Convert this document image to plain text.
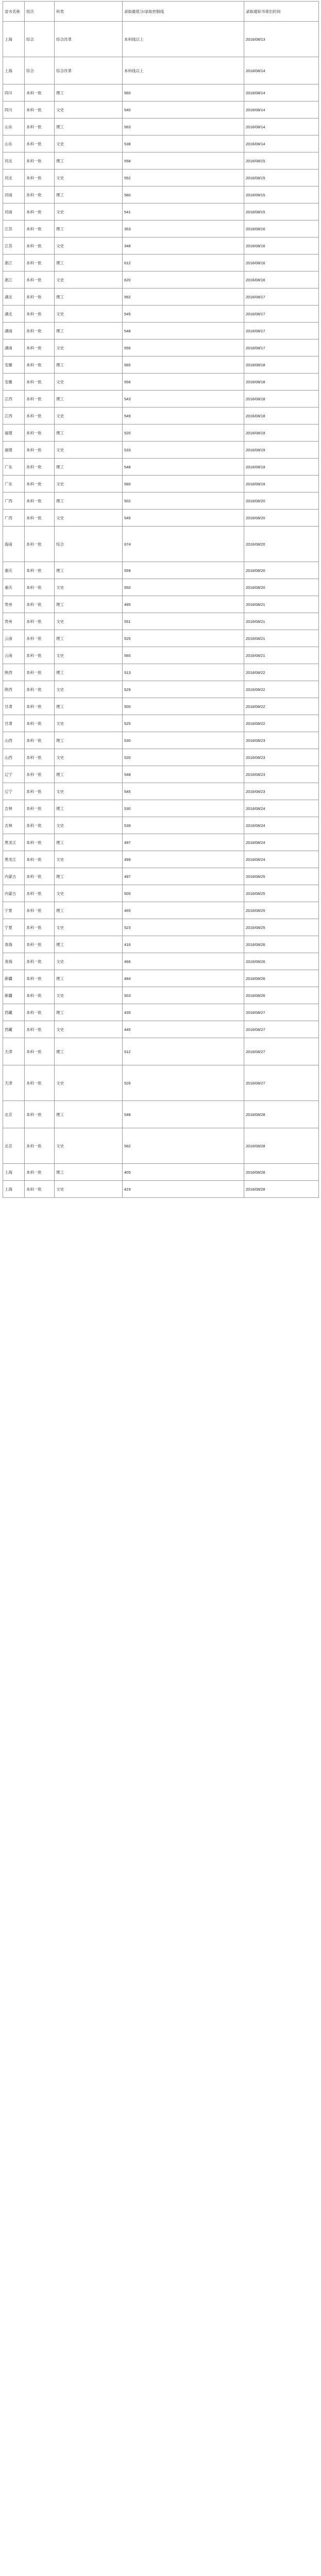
省市名称	批次	科类	录取最低分/录取控制线	录取通知书寄出时间
上海	综合	综合改革	本科线以上	2016/08/13
上海	综合	综合改革	本科线以上	2016/08/14
四川	本科一批	理工	560	2016/08/14
四川	本科一批	文史	540	2016/08/14
山东	本科一批	理工	563	2016/08/14
山东	本科一批	文史	538	2016/08/14
河北	本科一批	理工	558	2016/08/15
河北	本科一批	文史	552	2016/08/15
河南	本科一批	理工	560	2016/08/15
河南	本科一批	文史	541	2016/08/15
江苏	本科一批	理工	353	2016/08/16
江苏	本科一批	文史	348	2016/08/16
浙江	本科一批	理工	612	2016/08/16
浙江	本科一批	文史	620	2016/08/16
湖北	本科一批	理工	562	2016/08/17
湖北	本科一批	文史	545	2016/08/17
湖南	本科一批	理工	548	2016/08/17
湖南	本科一批	文史	556	2016/08/17
安徽	本科一批	理工	565	2016/08/18
安徽	本科一批	文史	556	2016/08/18
江西	本科一批	理工	543	2016/08/18
江西	本科一批	文史	549	2016/08/18
福建	本科一批	理工	520	2016/08/19
福建	本科一批	文史	533	2016/08/19
广东	本科一批	理工	548	2016/08/19
广东	本科一批	文史	560	2016/08/19
广西	本科一批	理工	502	2016/08/20
广西	本科一批	文史	545	2016/08/20
海南	本科一批	综合	674	2016/08/20
重庆	本科一批	理工	559	2016/08/20
重庆	本科一批	文史	550	2016/08/20
贵州	本科一批	理工	495	2016/08/21
贵州	本科一批	文史	551	2016/08/21
云南	本科一批	理工	525	2016/08/21
云南	本科一批	文史	560	2016/08/21
陕西	本科一批	理工	513	2016/08/22
陕西	本科一批	文史	529	2016/08/22
甘肃	本科一批	理工	500	2016/08/22
甘肃	本科一批	文史	525	2016/08/22
山西	本科一批	理工	530	2016/08/23
山西	本科一批	文史	520	2016/08/23
辽宁	本科一批	理工	548	2016/08/23
辽宁	本科一批	文史	545	2016/08/23
吉林	本科一批	理工	530	2016/08/24
吉林	本科一批	文史	539	2016/08/24
黑龙江	本科一批	理工	497	2016/08/24
黑龙江	本科一批	文史	499	2016/08/24
内蒙古	本科一批	理工	497	2016/08/25
内蒙古	本科一批	文史	505	2016/08/25
宁夏	本科一批	理工	465	2016/08/25
宁夏	本科一批	文史	523	2016/08/25
青海	本科一批	理工	416	2016/08/26
青海	本科一批	文史	466	2016/08/26
新疆	本科一批	理工	484	2016/08/26
新疆	本科一批	文史	503	2016/08/26
西藏	本科一批	理工	435	2016/08/27
西藏	本科一批	文史	445	2016/08/27
天津	本科一批	理工	512	2016/08/27
天津	本科一批	文史	526	2016/08/27
北京	本科一批	理工	548	2016/08/28
北京	本科一批	文史	562	2016/08/28
上海	本科一批	理工	405	2016/08/28
上海	本科一批	文史	423	2016/08/28
